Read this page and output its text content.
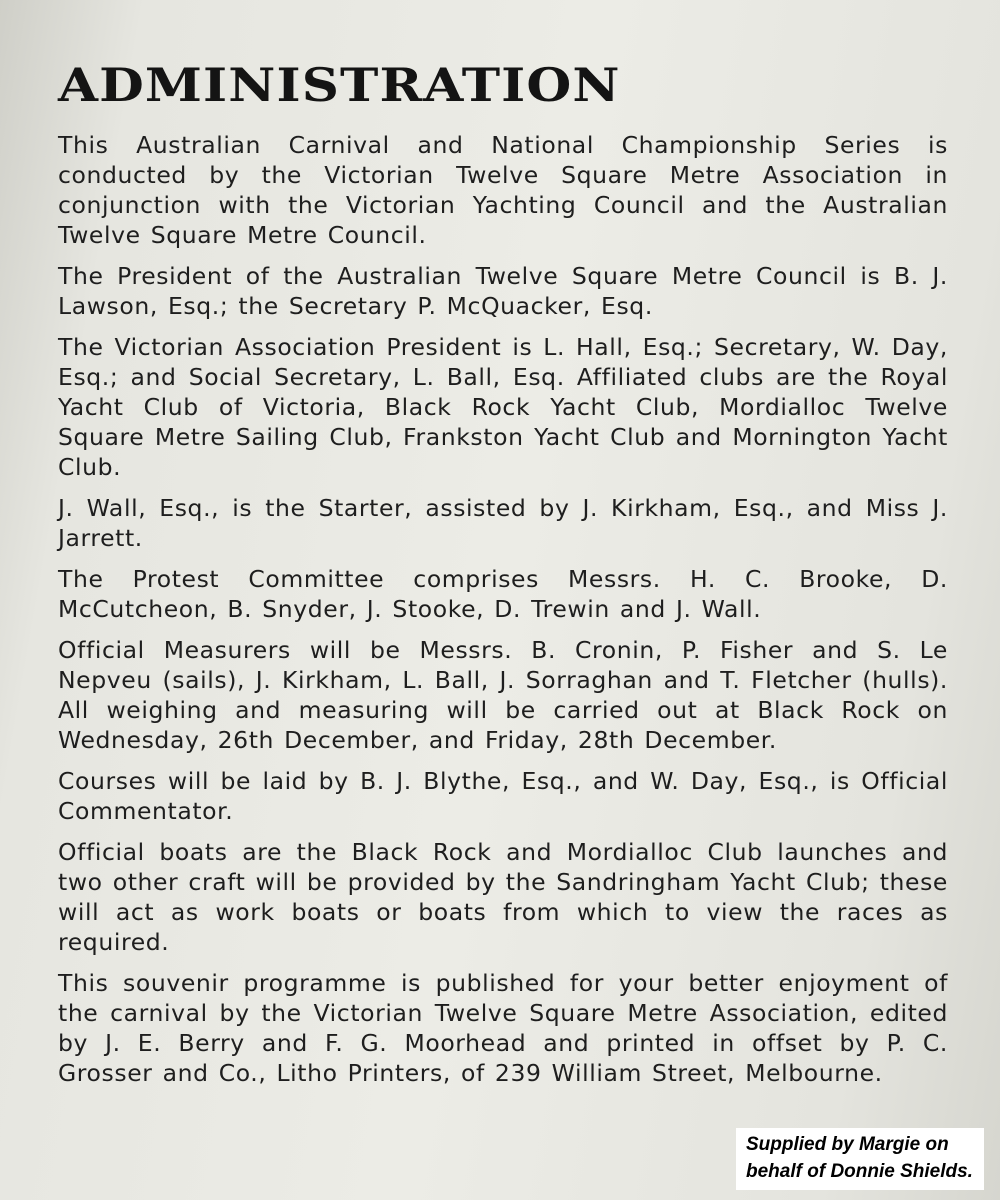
ADMINISTRATION

This Australian Carnival and National Championship Series is conducted by the Victorian Twelve Square Metre Association in conjunction with the Victorian Yachting Council and the Australian Twelve Square Metre Council.

The President of the Australian Twelve Square Metre Council is B. J. Lawson, Esq.; the Secretary P. McQuacker, Esq.

The Victorian Association President is L. Hall, Esq.; Secretary, W. Day, Esq.; and Social Secretary, L. Ball, Esq. Affiliated clubs are the Royal Yacht Club of Victoria, Black Rock Yacht Club, Mordialloc Twelve Square Metre Sailing Club, Frankston Yacht Club and Mornington Yacht Club.

J. Wall, Esq., is the Starter, assisted by J. Kirkham, Esq., and Miss J. Jarrett.

The Protest Committee comprises Messrs. H. C. Brooke, D. McCutcheon, B. Snyder, J. Stooke, D. Trewin and J. Wall.

Official Measurers will be Messrs. B. Cronin, P. Fisher and S. Le Nepveu (sails), J. Kirkham, L. Ball, J. Sorraghan and T. Fletcher (hulls). All weighing and measuring will be carried out at Black Rock on Wednesday, 26th December, and Friday, 28th December.

Courses will be laid by B. J. Blythe, Esq., and W. Day, Esq., is Official Commentator.

Official boats are the Black Rock and Mordialloc Club launches and two other craft will be provided by the Sandringham Yacht Club; these will act as work boats or boats from which to view the races as required.

This souvenir programme is published for your better enjoyment of the carnival by the Victorian Twelve Square Metre Association, edited by J. E. Berry and F. G. Moorhead and printed in offset by P. C. Grosser and Co., Litho Printers, of 239 William Street, Melbourne.

Supplied by Margie on
behalf of Donnie Shields.
